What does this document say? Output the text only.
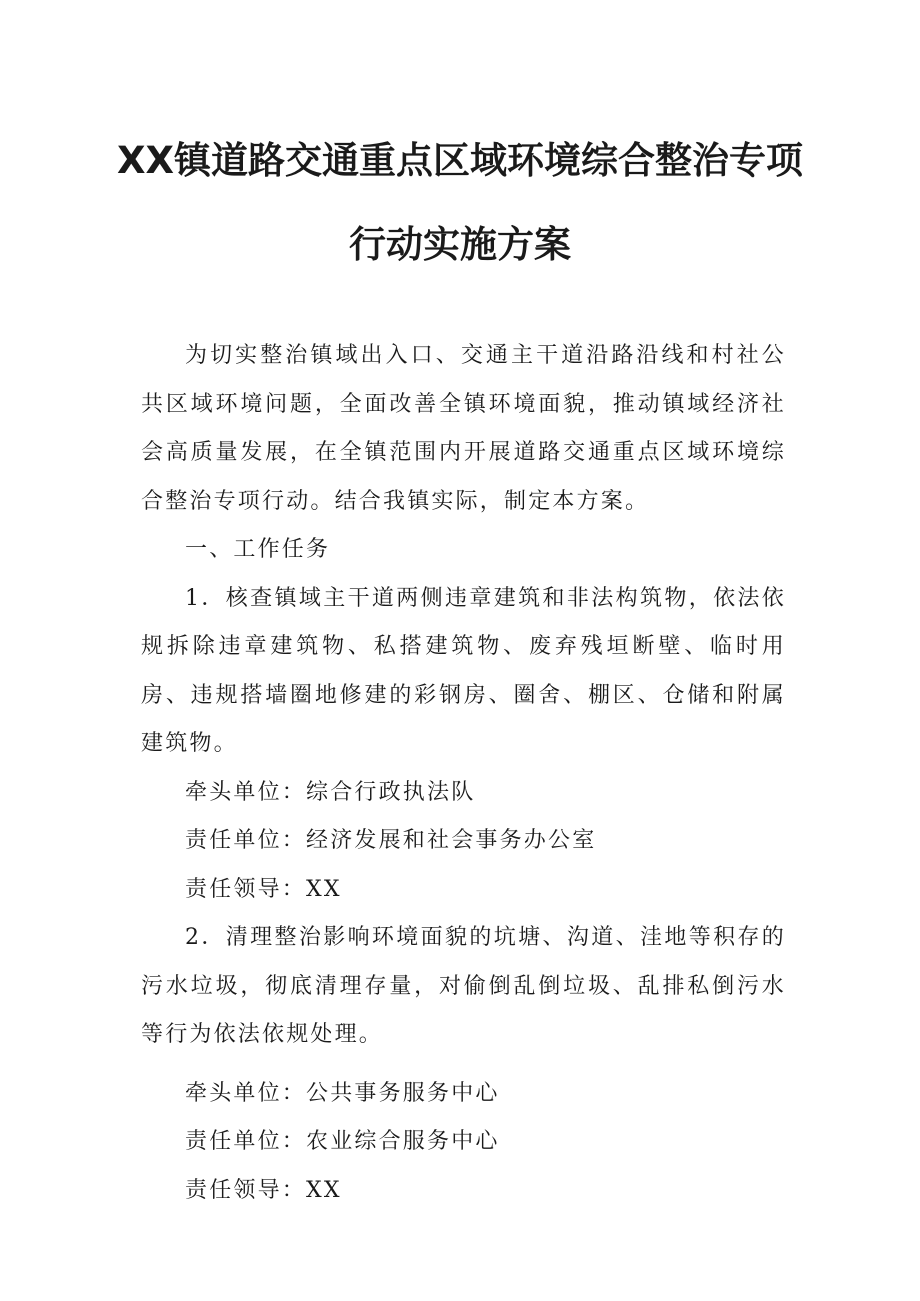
XX镇道路交通重点区域环境综合整治专项
行动实施方案

为切实整治镇域出入口、交通主干道沿路沿线和村社公共区域环境问题，全面改善全镇环境面貌，推动镇域经济社会高质量发展，在全镇范围内开展道路交通重点区域环境综合整治专项行动。结合我镇实际，制定本方案。

一、工作任务

1．核查镇域主干道两侧违章建筑和非法构筑物，依法依规拆除违章建筑物、私搭建筑物、废弃残垣断壁、临时用房、违规搭墙圈地修建的彩钢房、圈舍、棚区、仓储和附属建筑物。

牵头单位：综合行政执法队

责任单位：经济发展和社会事务办公室

责任领导：XX

2．清理整治影响环境面貌的坑塘、沟道、洼地等积存的污水垃圾，彻底清理存量，对偷倒乱倒垃圾、乱排私倒污水等行为依法依规处理。

牵头单位：公共事务服务中心

责任单位：农业综合服务中心

责任领导：XX
